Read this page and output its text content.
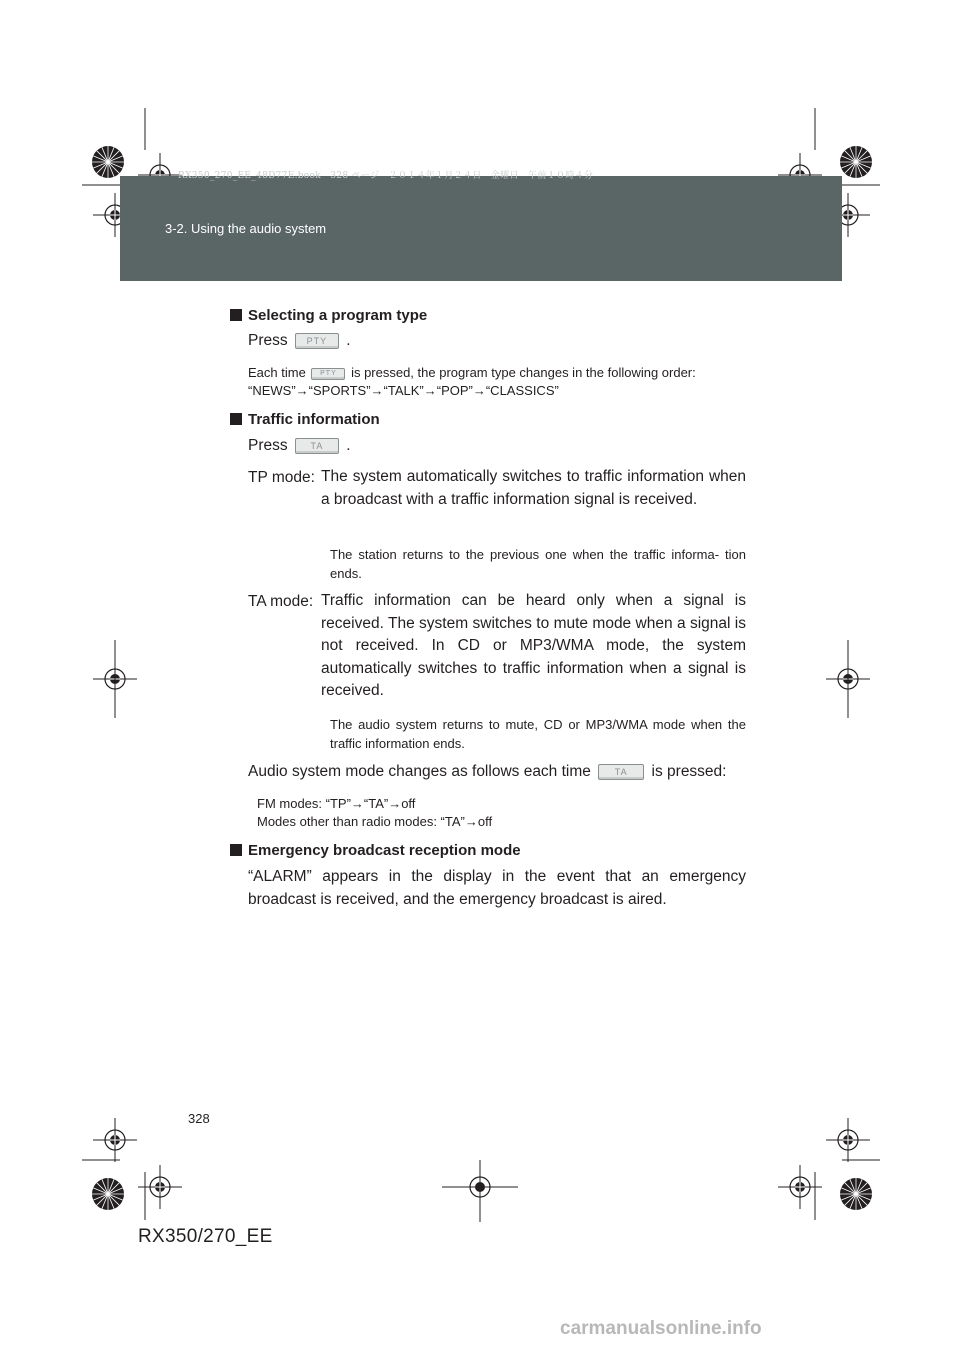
RX350_270_EE_48D77E.book　328 ページ　２０１４年１月２４日　金曜日　午前１０時４分
3-2. Using the audio system
Selecting a program type
Press PTY .
Each time PTY is pressed, the program type changes in the following order:
“NEWS”→“SPORTS”→“TALK”→“POP”→“CLASSICS”
Traffic information
Press	TA .
TP mode: The system automatically switches to traffic information when a broadcast with a traffic information signal is received.
The station returns to the previous one when the traffic informa- tion ends.
TA mode: Traffic information can be heard only when a signal is received. The system switches to mute mode when a signal is not received. In CD or MP3/WMA mode, the system automatically switches to traffic information when a signal is received.
The audio system returns to mute, CD or MP3/WMA mode when the traffic information ends.
Audio system mode changes as follows each time	TA is pressed:
FM modes: “TP”→“TA”→off
Modes other than radio modes: “TA”→off
Emergency broadcast reception mode
“ALARM” appears in the display in the event that an emergency broadcast is received, and the emergency broadcast is aired.
328
RX350/270_EE
carmanualsonline.info
